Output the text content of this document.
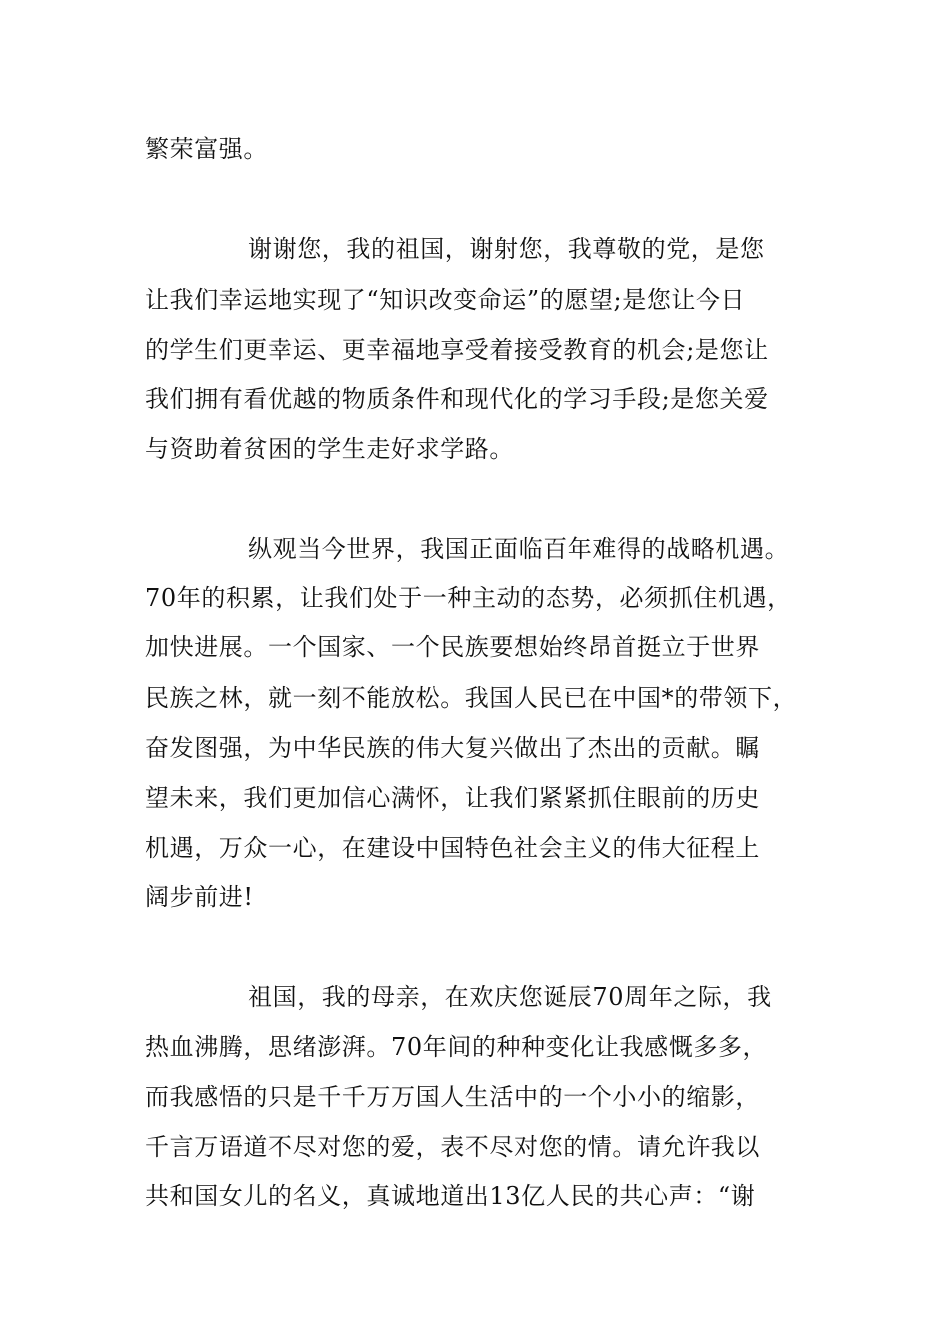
繁荣富强。
谢谢您，我的祖国，谢射您，我尊敬的党，是您
让我们幸运地实现了“知识改变命运”的愿望;是您让今日
的学生们更幸运、更幸福地享受着接受教育的机会;是您让
我们拥有看优越的物质条件和现代化的学习手段;是您关爱
与资助着贫困的学生走好求学路。
纵观当今世界，我国正面临百年难得的战略机遇。
70年的积累，让我们处于一种主动的态势，必须抓住机遇，
加快进展。一个国家、一个民族要想始终昂首挺立于世界
民族之林，就一刻不能放松。我国人民已在中国*的带领下，
奋发图强，为中华民族的伟大复兴做出了杰出的贡献。瞩
望未来，我们更加信心满怀，让我们紧紧抓住眼前的历史
机遇，万众一心，在建设中国特色社会主义的伟大征程上
阔步前进!
祖国，我的母亲，在欢庆您诞辰70周年之际，我
热血沸腾，思绪澎湃。70年间的种种变化让我感慨多多，
而我感悟的只是千千万万国人生活中的一个小小的缩影，
千言万语道不尽对您的爱，表不尽对您的情。请允许我以
共和国女儿的名义，真诚地道出13亿人民的共心声：“谢
